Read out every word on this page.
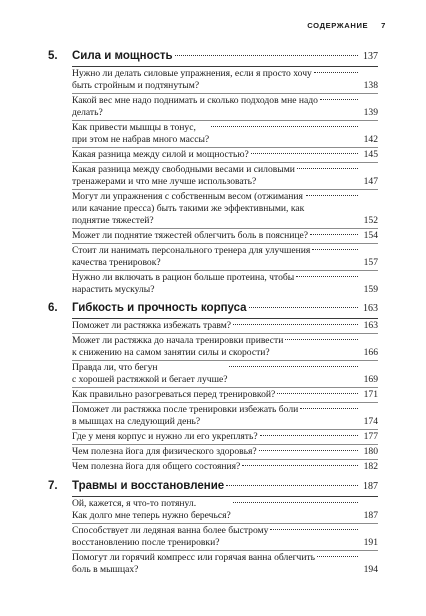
СОДЕРЖАНИЕ 7
5.	Сила и мощность	137
Нужно ли делать силовые упражнения, если я просто хочу
быть стройным и подтянутым?	138
Какой вес мне надо поднимать и сколько подходов мне надо
делать?	139
Как привести мышцы в тонус,
при этом не набрав много массы?	142
Какая разница между силой и мощностью?	145
Какая разница между свободными весами и силовыми
тренажерами и что мне лучше использовать?	147
Могут ли упражнения с собственным весом (отжимания
или качание пресса) быть такими же эффективными, как
поднятие тяжестей?	152
Может ли поднятие тяжестей облегчить боль в пояснице?	154
Стоит ли нанимать персонального тренера для улучшения
качества тренировок?	157
Нужно ли включать в рацион больше протеина, чтобы
нарастить мускулы?	159
6.	Гибкость и прочность корпуса	163
Поможет ли растяжка избежать травм?	163
Может ли растяжка до начала тренировки привести
к снижению на самом занятии силы и скорости?	166
Правда ли, что бегун
с хорошей растяжкой и бегает лучше?	169
Как правильно разогреваться перед тренировкой?	171
Поможет ли растяжка после тренировки избежать боли
в мышцах на следующий день?	174
Где у меня корпус и нужно ли его укреплять?	177
Чем полезна йога для физического здоровья?	180
Чем полезна йога для общего состояния?	182
7.	Травмы и восстановление	187
Ой, кажется, я что-то потянул.
Как долго мне теперь нужно беречься?	187
Способствует ли ледяная ванна более быстрому
восстановлению после тренировки?	191
Помогут ли горячий компресс или горячая ванна облегчить
боль в мышцах?	194
